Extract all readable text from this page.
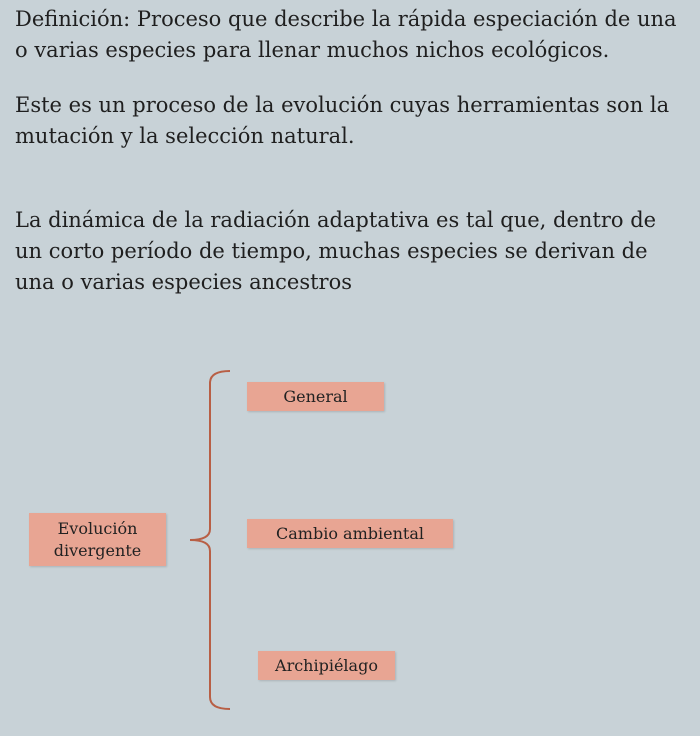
Definición: Proceso que describe la rápida especiación de una o varias especies para llenar muchos nichos ecológicos.

Este es un proceso de la evolución cuyas herramientas son la mutación y la selección natural.

La dinámica de la radiación adaptativa es tal que, dentro de un corto período de tiempo, muchas especies se derivan de una o varias especies ancestros

Evolución
divergente
General
Cambio ambiental
Archipiélago
